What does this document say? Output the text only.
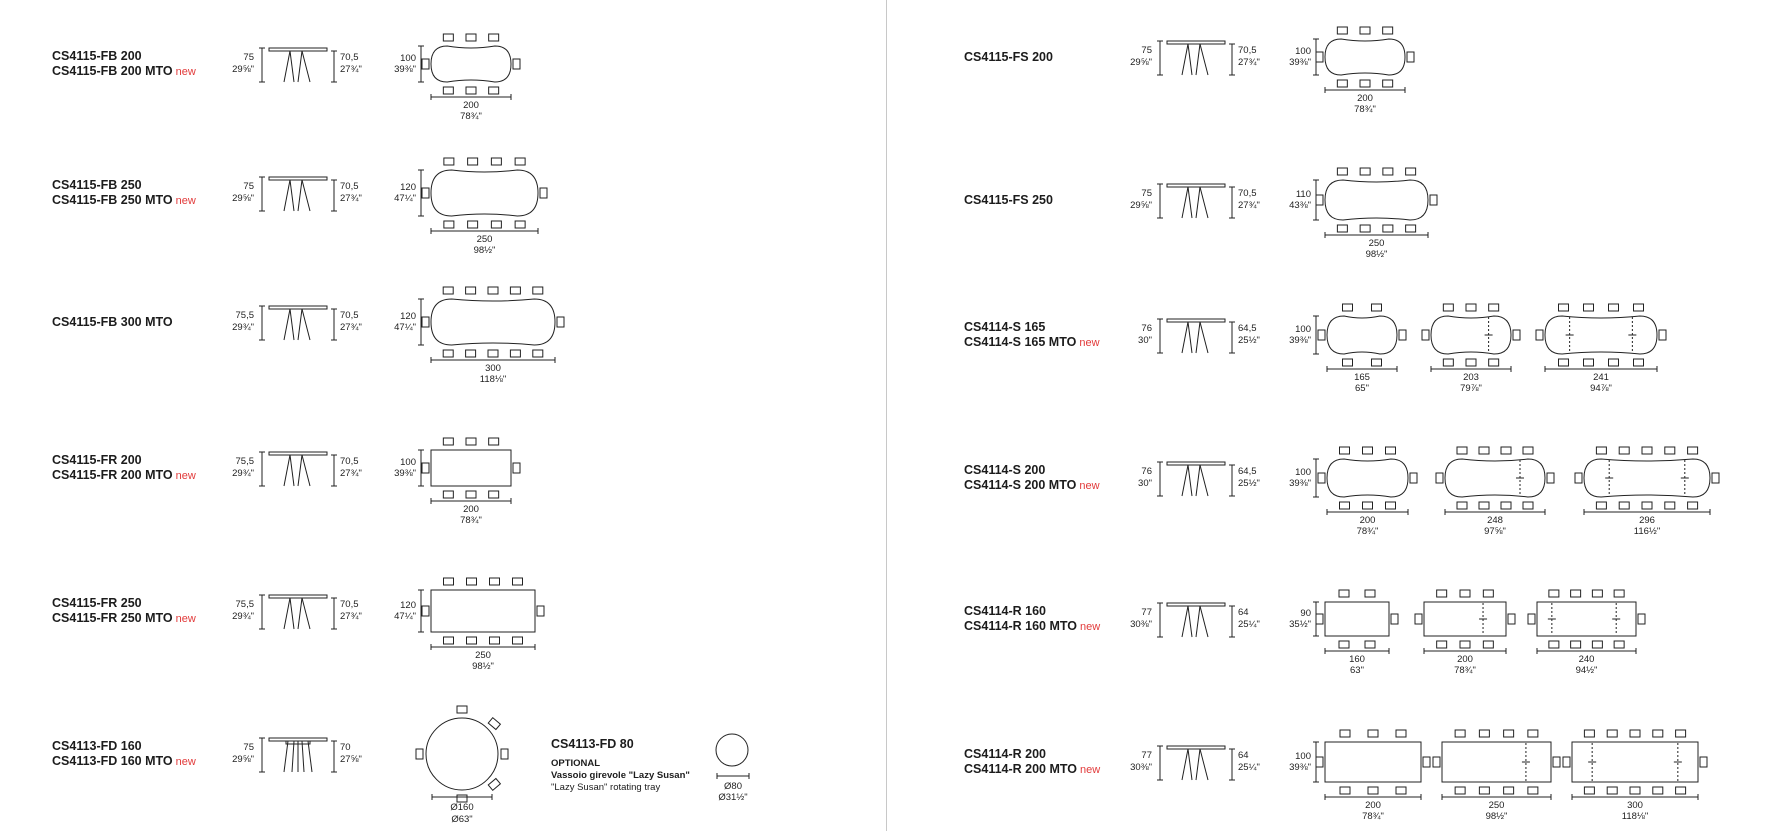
CS4115-FB 200
CS4115-FB 200 MTO new
75
29⅝"
70,5
27¾"
100
39⅜"
200
78¾"
CS4115-FB 250
CS4115-FB 250 MTO new
75
29⅝"
70,5
27¾"
120
47¼"
250
98½"
CS4115-FB 300 MTO	75,5
29¾"
70,5
27¾"
120
47¼"
300
118⅛"
CS4115-FR 200
CS4115-FR 200 MTO new
75,5
29¾"
70,5
27¾"
100
39⅜"
200
78¾"
CS4115-FR 250
CS4115-FR 250 MTO new
75,5
29¾"
70,5
27¾"
120
47¼"
250
98½"
CS4113-FD 160
CS4113-FD 160 MTO new
75
29⅝"
70
27⅝"
Ø160
Ø63"
CS4113-FD 80
OPTIONAL
Vassoio girevole "Lazy Susan"
"Lazy Susan" rotating tray	Ø80
Ø31½"
CS4115-FS 200	75
29⅝"
70,5
27¾"
100
39⅜"
200
78¾"
CS4115-FS 250	75
29⅝"
70,5
27¾"
110
43⅜"
250
98½"
CS4114-S 165
CS4114-S 165 MTO new
76
30"
64,5
25½"
100
39⅜"
165
65"
203
79⅞"
241
94⅞"
CS4114-S 200
CS4114-S 200 MTO new
76
30"
64,5
25½"
100
39⅜"
200
78¾"
248
97⅝"
296
116½"
CS4114-R 160
CS4114-R 160 MTO new
77
30⅜"
64
25¼"
90
35½"
160
63"
200
78¾"
240
94½"
CS4114-R 200
CS4114-R 200 MTO new
77
30⅜"
64
25¼"
100
39⅜"
200
78¾"
250
98½"
300
118⅛"
